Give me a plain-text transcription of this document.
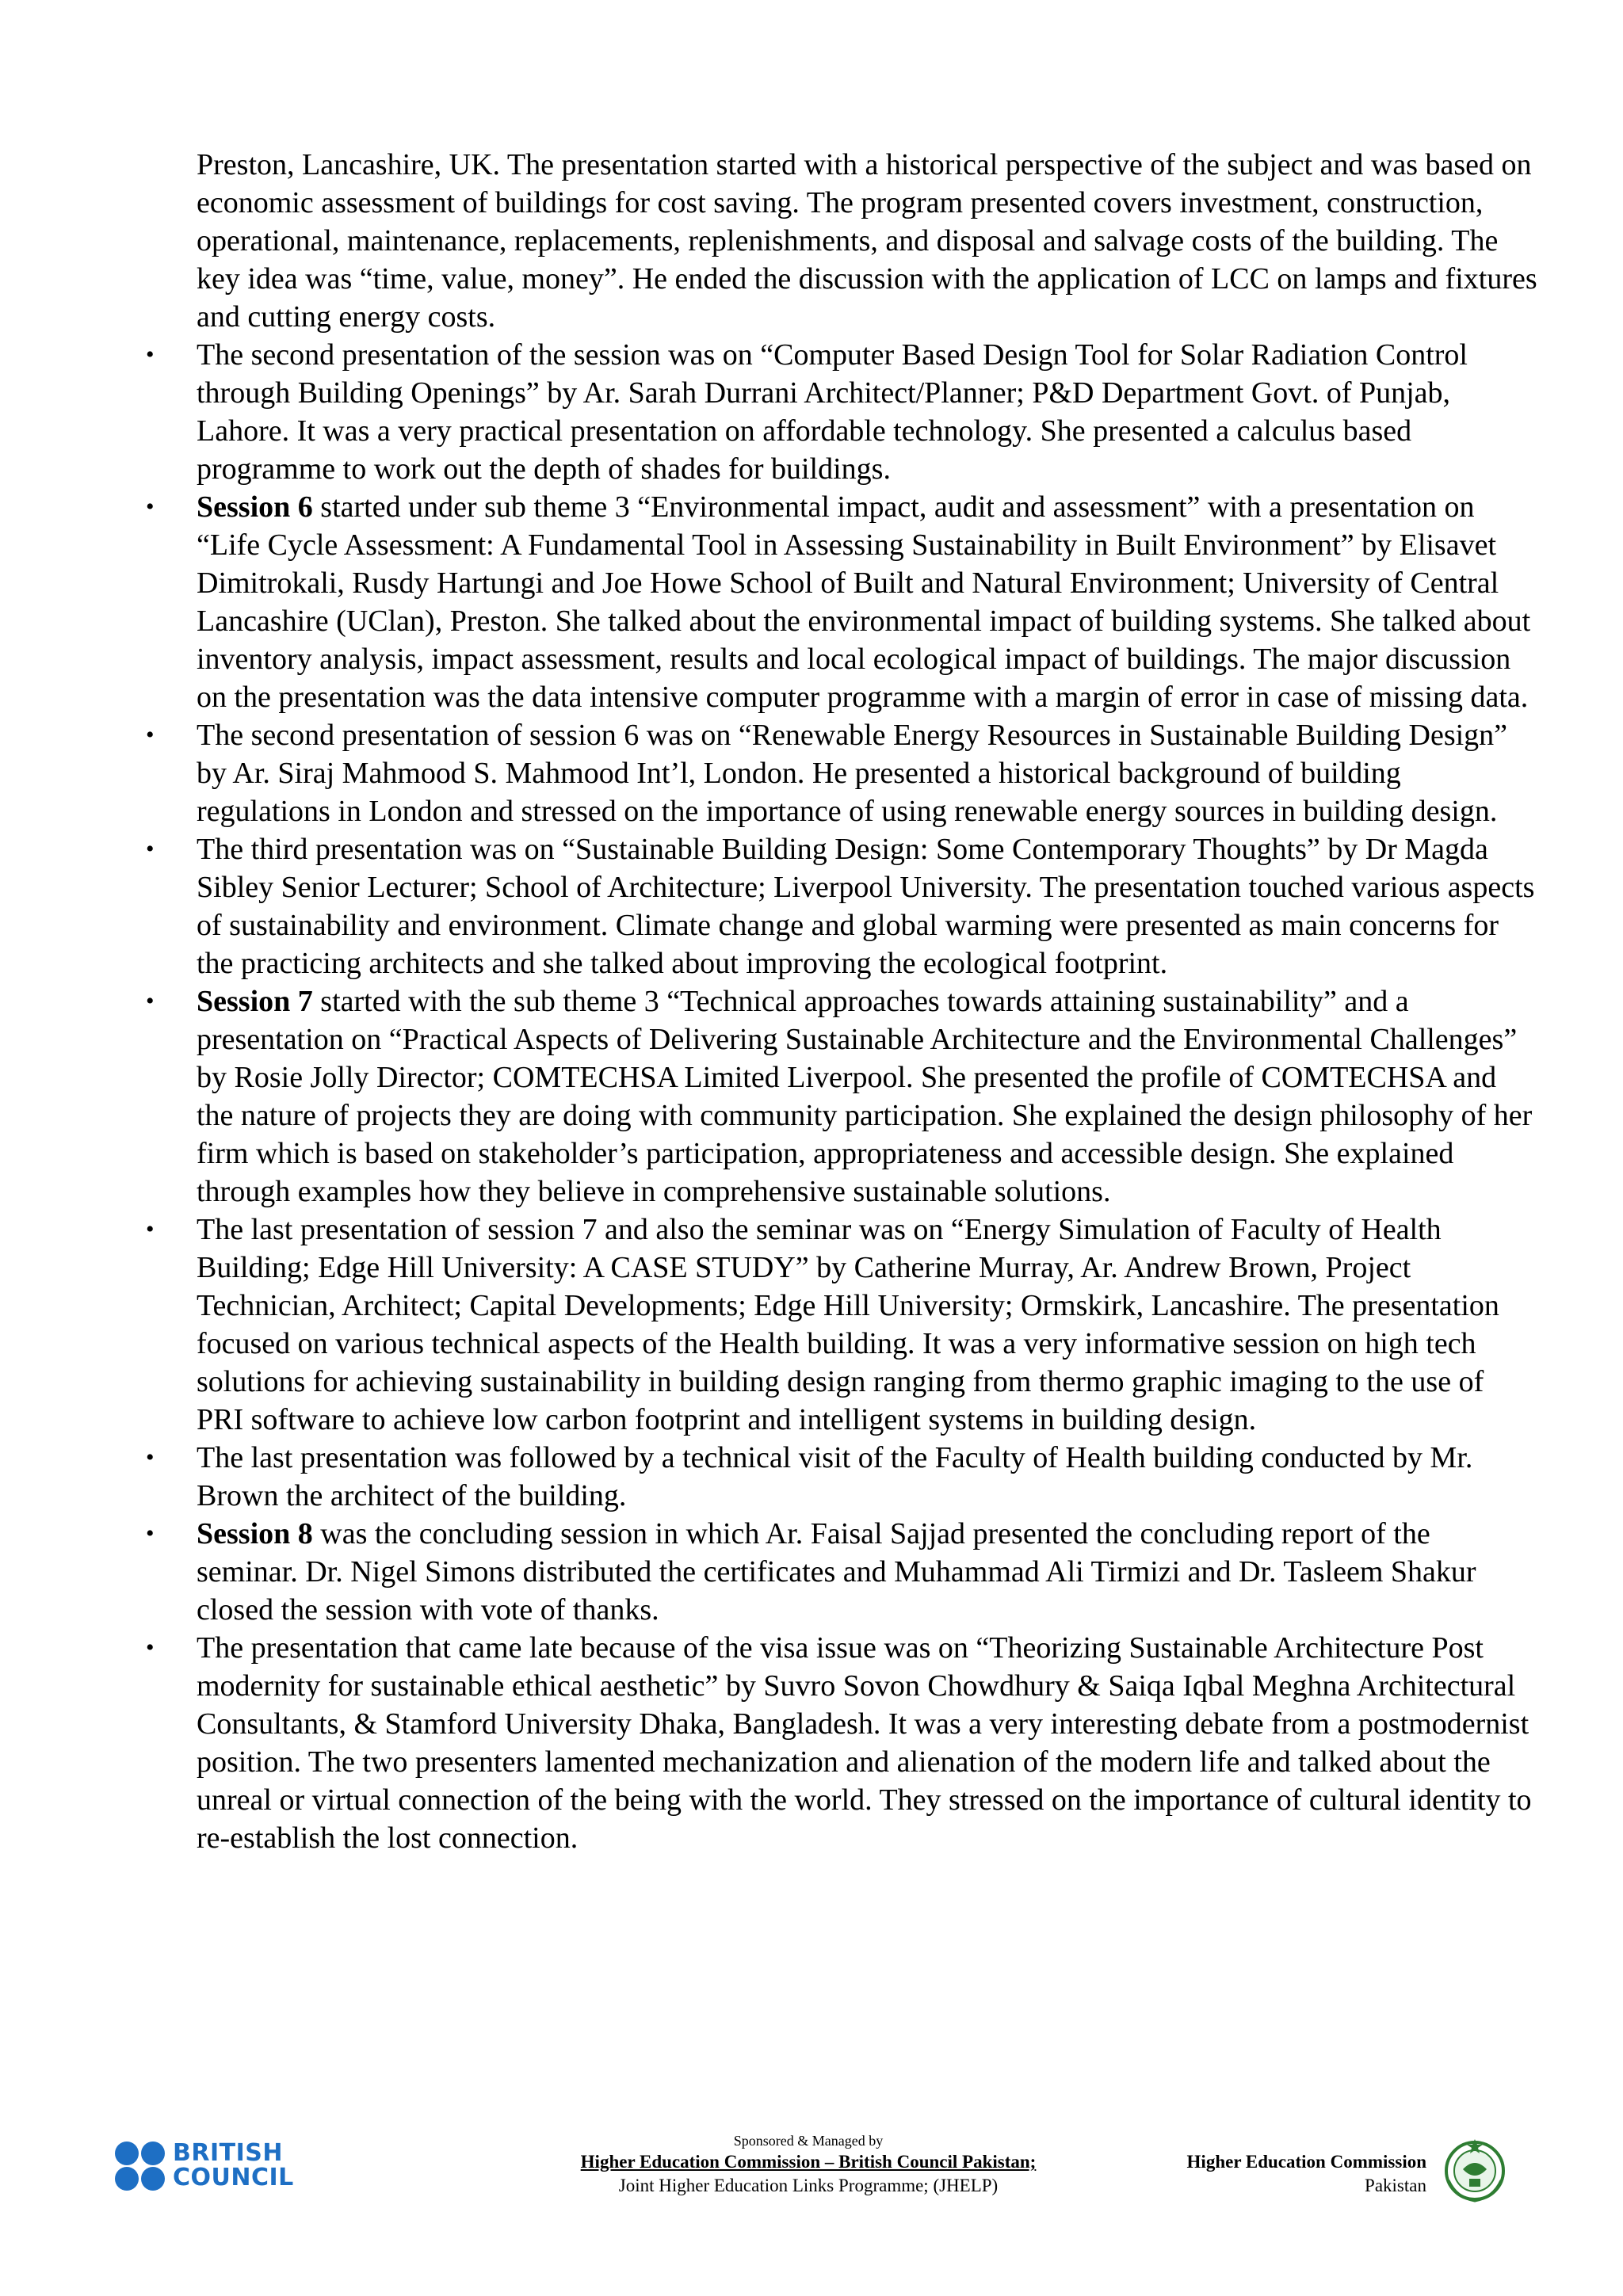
Preston, Lancashire, UK. The presentation started with a historical perspective of the subject and was based on economic assessment of buildings for cost saving. The program presented covers investment, construction, operational, maintenance, replacements, replenishments, and disposal and salvage costs of the building. The key idea was “time, value, money”. He ended the discussion with the application of LCC on lamps and fixtures and cutting energy costs.

• The second presentation of the session was on “Computer Based Design Tool for Solar Radiation Control through Building Openings” by Ar. Sarah Durrani Architect/Planner; P&D Department Govt. of Punjab, Lahore. It was a very practical presentation on affordable technology. She presented a calculus based programme to work out the depth of shades for buildings.
• Session 6 started under sub theme 3 “Environmental impact, audit and assessment” with a presentation on “Life Cycle Assessment: A Fundamental Tool in Assessing Sustainability in Built Environment” by Elisavet Dimitrokali, Rusdy Hartungi and Joe Howe School of Built and Natural Environment; University of Central Lancashire (UClan), Preston. She talked about the environmental impact of building systems. She talked about inventory analysis, impact assessment, results and local ecological impact of buildings. The major discussion on the presentation was the data intensive computer programme with a margin of error in case of missing data.
• The second presentation of session 6 was on “Renewable Energy Resources in Sustainable Building Design” by Ar. Siraj Mahmood S. Mahmood Int’l, London. He presented a historical background of building regulations in London and stressed on the importance of using renewable energy sources in building design.
• The third presentation was on “Sustainable Building Design: Some Contemporary Thoughts” by Dr Magda Sibley Senior Lecturer; School of Architecture; Liverpool University. The presentation touched various aspects of sustainability and environment. Climate change and global warming were presented as main concerns for the practicing architects and she talked about improving the ecological footprint.
• Session 7 started with the sub theme 3 “Technical approaches towards attaining sustainability” and a presentation on “Practical Aspects of Delivering Sustainable Architecture and the Environmental Challenges” by Rosie Jolly Director; COMTECHSA Limited Liverpool. She presented the profile of COMTECHSA and the nature of projects they are doing with community participation. She explained the design philosophy of her firm which is based on stakeholder’s participation, appropriateness and accessible design. She explained through examples how they believe in comprehensive sustainable solutions.
• The last presentation of session 7 and also the seminar was on “Energy Simulation of Faculty of Health Building; Edge Hill University: A CASE STUDY” by Catherine Murray, Ar. Andrew Brown, Project Technician, Architect; Capital Developments; Edge Hill University; Ormskirk, Lancashire. The presentation focused on various technical aspects of the Health building. It was a very informative session on high tech solutions for achieving sustainability in building design ranging from thermo graphic imaging to the use of PRI software to achieve low carbon footprint and intelligent systems in building design.
• The last presentation was followed by a technical visit of the Faculty of Health building conducted by Mr. Brown the architect of the building.
• Session 8 was the concluding session in which Ar. Faisal Sajjad presented the concluding report of the seminar. Dr. Nigel Simons distributed the certificates and Muhammad Ali Tirmizi and Dr. Tasleem Shakur closed the session with vote of thanks.
• The presentation that came late because of the visa issue was on “Theorizing Sustainable Architecture Post modernity for sustainable ethical aesthetic” by Suvro Sovon Chowdhury & Saiqa Iqbal Meghna Architectural Consultants, & Stamford University Dhaka, Bangladesh. It was a very interesting debate from a postmodernist position. The two presenters lamented mechanization and alienation of the modern life and talked about the unreal or virtual connection of the being with the world. They stressed on the importance of cultural identity to re-establish the lost connection.
BRITISH
COUNCIL
Sponsored & Managed by
Higher Education Commission – British Council Pakistan;
Joint Higher Education Links Programme; (JHELP)
Higher Education Commission
Pakistan
